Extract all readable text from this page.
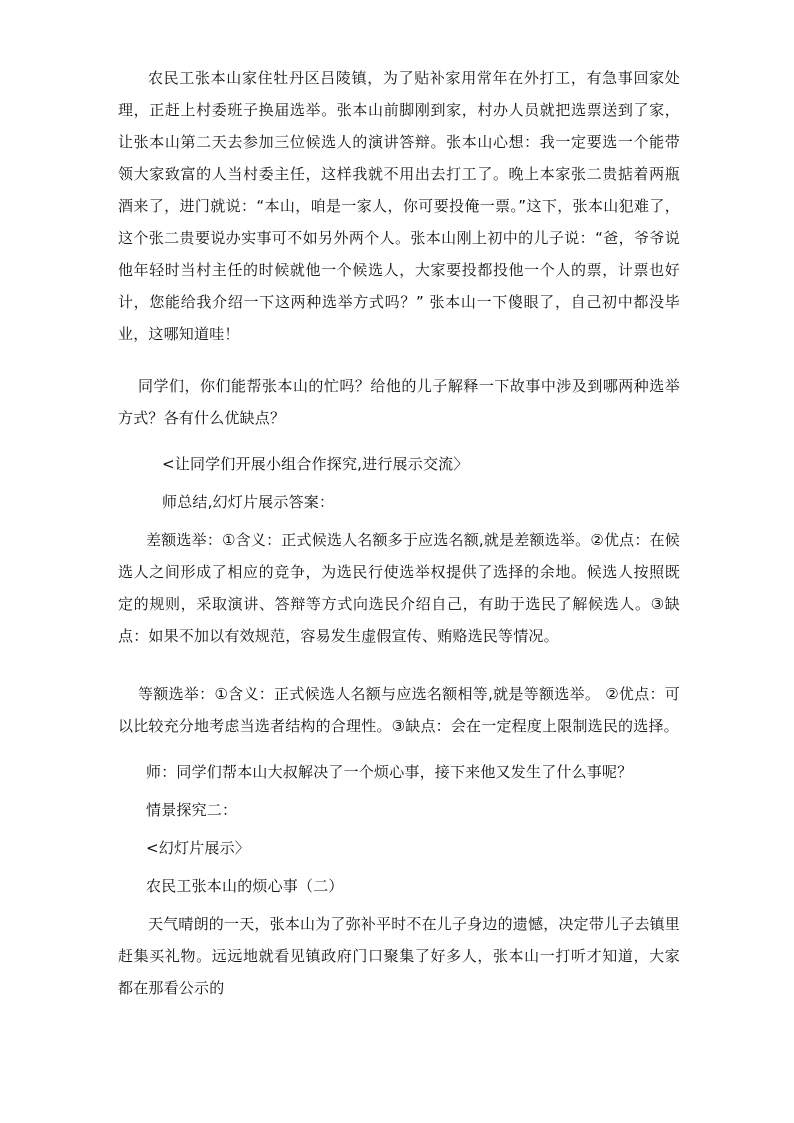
农民工张本山家住牡丹区吕陵镇，为了贴补家用常年在外打工，有急事回家处理，正赶上村委班子换届选举。张本山前脚刚到家，村办人员就把选票送到了家，让张本山第二天去参加三位候选人的演讲答辩。张本山心想：我一定要选一个能带领大家致富的人当村委主任，这样我就不用出去打工了。晚上本家张二贵掂着两瓶酒来了，进门就说：“本山，咱是一家人，你可要投俺一票。”这下，张本山犯难了，这个张二贵要说办实事可不如另外两个人。张本山刚上初中的儿子说：“爸，爷爷说他年轻时当村主任的时候就他一个候选人，大家要投都投他一个人的票，计票也好计，您能给我介绍一下这两种选举方式吗？” 张本山一下傻眼了，自己初中都没毕业，这哪知道哇！

同学们，你们能帮张本山的忙吗？给他的儿子解释一下故事中涉及到哪两种选举方式？各有什么优缺点？

<让同学们开展小组合作探究,进行展示交流〉

师总结,幻灯片展示答案：

差额选举：①含义：正式候选人名额多于应选名额,就是差额选举。②优点：在候选人之间形成了相应的竞争，为选民行使选举权提供了选择的余地。候选人按照既定的规则，采取演讲、答辩等方式向选民介绍自己，有助于选民了解候选人。③缺点：如果不加以有效规范，容易发生虚假宣传、贿赂选民等情况。

等额选举：①含义：正式候选人名额与应选名额相等,就是等额选举。 ②优点：可以比较充分地考虑当选者结构的合理性。③缺点：会在一定程度上限制选民的选择。

师：同学们帮本山大叔解决了一个烦心事，接下来他又发生了什么事呢？

情景探究二：

<幻灯片展示〉

农民工张本山的烦心事（二）

天气晴朗的一天，张本山为了弥补平时不在儿子身边的遗憾，决定带儿子去镇里赶集买礼物。远远地就看见镇政府门口聚集了好多人，张本山一打听才知道，大家都在那看公示的
